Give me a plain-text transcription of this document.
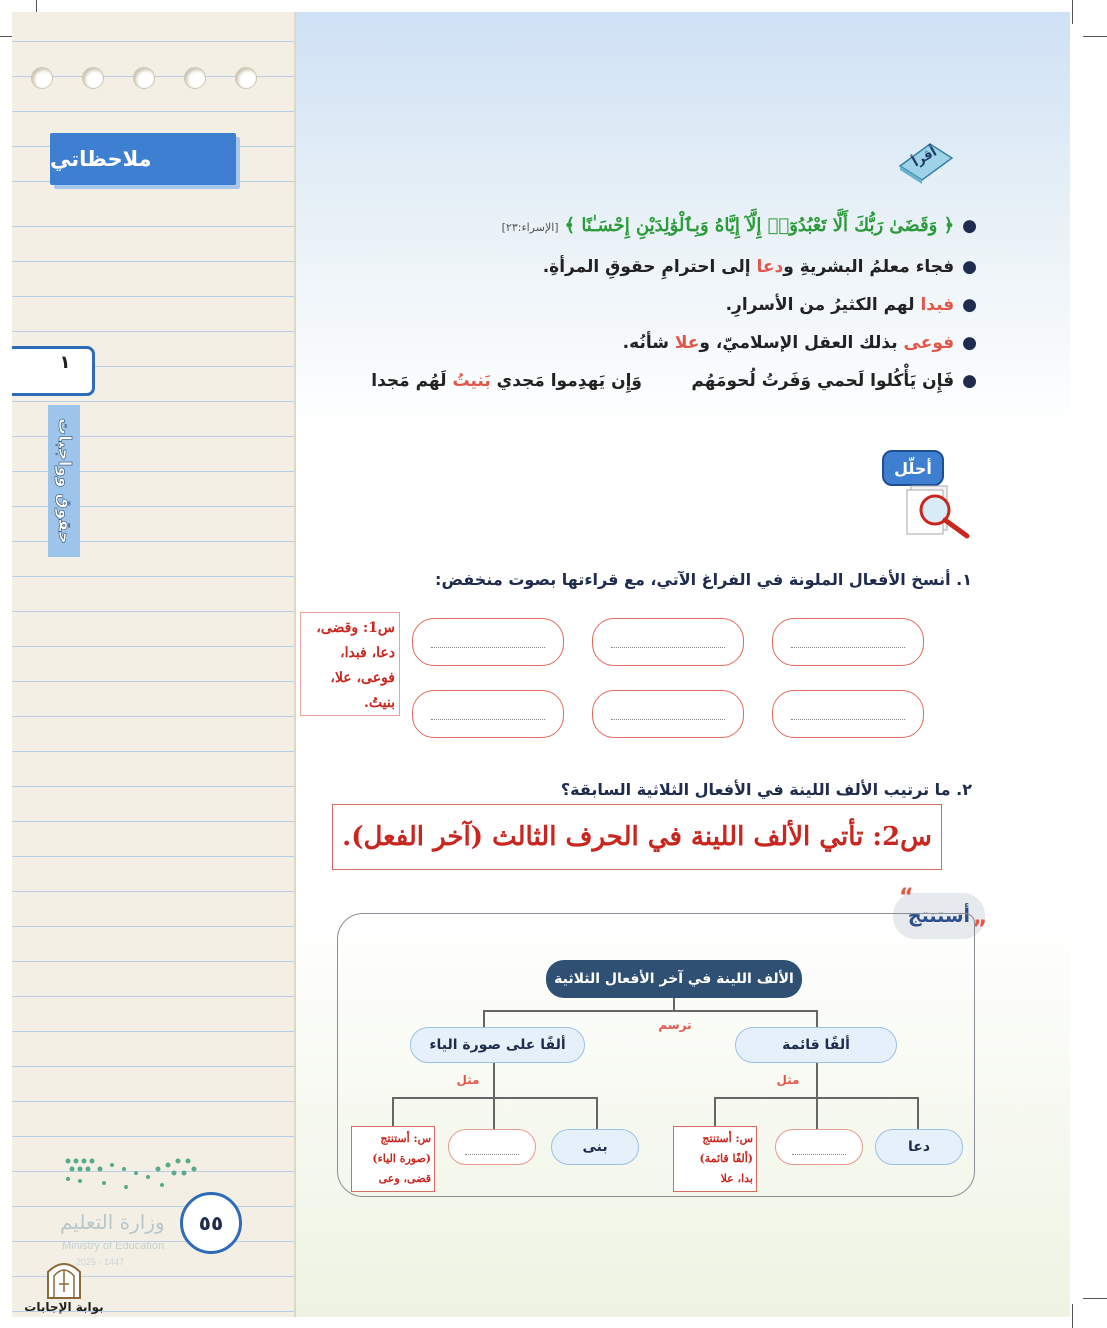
ملاحظاتي
١
حقوق وواجبات
وزارة التعليم
Ministry of Education
2025 - 1447
٥٥
بوابة الإجابات
أقرأ
●﴿ وَقَضَىٰ رَبُّكَ أَلَّا تَعْبُدُوٓا۟ إِلَّآ إِيَّاهُ وَبِٱلْوَٰلِدَيْنِ إِحْسَـٰنًا ﴾ [الإسراء:٢٣]
●فجاء معلمُ البشريةِ ودعا إلى احترامِ حقوقِ المرأةِ.
●فبدا لهم الكثيرُ من الأسرارِ.
●فوعى بذلك العقل الإسلاميّ، وعلا شأنُه.
●فَإِن يَأْكُلوا لَحمي وَفَرتُ لُحومَهُم
وَإِن يَهدِموا مَجدي بَنيتُ لَهُم مَجدا
أحلّل
١. أنسخ الأفعال الملونة في الفراغ الآتي، مع قراءتها بصوت منخفض:
س1: وقضى،
دعا، فبدا،
فوعى، علا،
بنيتُ.
٢. ما ترتيب الألف اللينة في الأفعال الثلاثية السابقة؟
س2: تأتي الألف اللينة في الحرف الثالث (آخر الفعل).
أستنتج
“
”
الألف اللينة في آخر الأفعال الثلاثية
ترسم
ألفًا قائمة
ألفًا على صورة الياء
مثل
مثل
دعا
س: أستنتج
(ألفًا قائمة)
بدا، علا
بنى
س: أستنتج
(صورة الياء)
قضى، وعى
